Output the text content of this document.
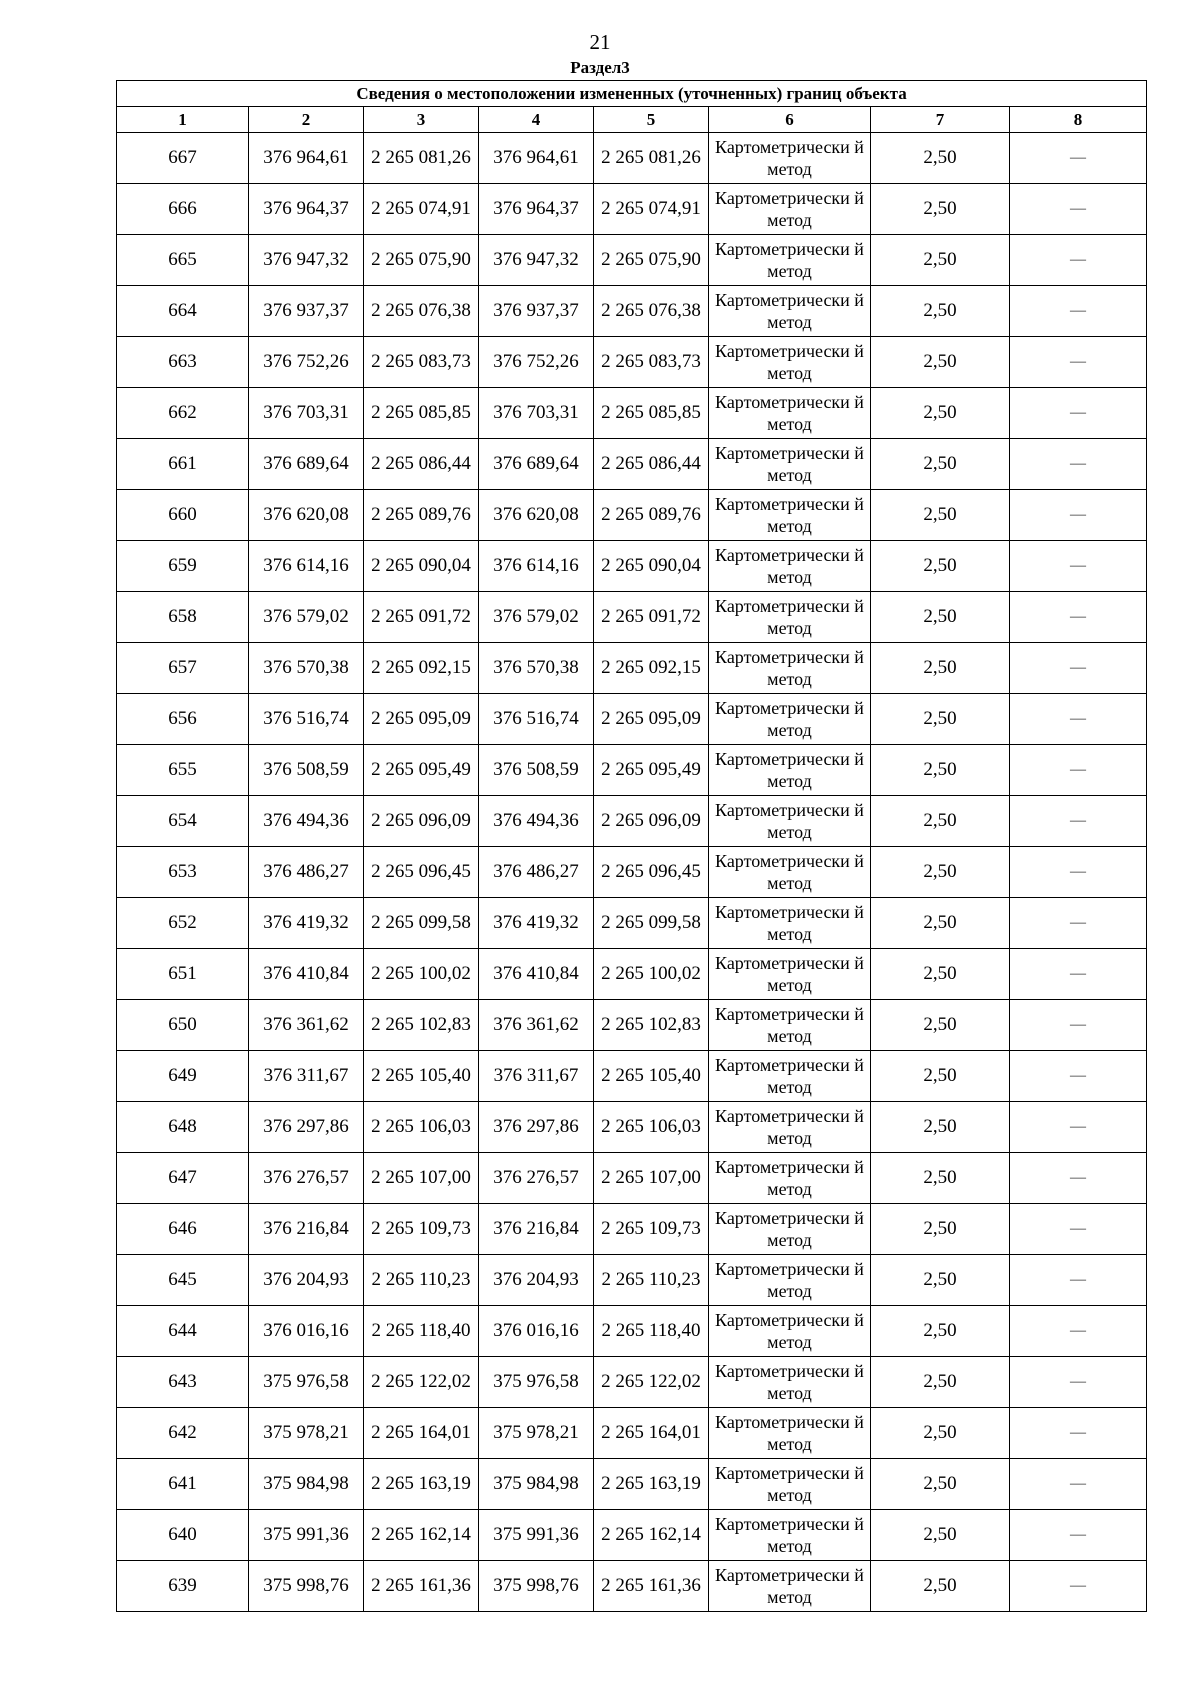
21
Раздел3
Сведения о местоположении измененных (уточненных) границ объекта							
1	2	3	4	5	6	7	8
667	376 964,61	2 265 081,26	376 964,61	2 265 081,26	Картометрически й метод	2,50	—
666	376 964,37	2 265 074,91	376 964,37	2 265 074,91	Картометрически й метод	2,50	—
665	376 947,32	2 265 075,90	376 947,32	2 265 075,90	Картометрически й метод	2,50	—
664	376 937,37	2 265 076,38	376 937,37	2 265 076,38	Картометрически й метод	2,50	—
663	376 752,26	2 265 083,73	376 752,26	2 265 083,73	Картометрически й метод	2,50	—
662	376 703,31	2 265 085,85	376 703,31	2 265 085,85	Картометрически й метод	2,50	—
661	376 689,64	2 265 086,44	376 689,64	2 265 086,44	Картометрически й метод	2,50	—
660	376 620,08	2 265 089,76	376 620,08	2 265 089,76	Картометрически й метод	2,50	—
659	376 614,16	2 265 090,04	376 614,16	2 265 090,04	Картометрически й метод	2,50	—
658	376 579,02	2 265 091,72	376 579,02	2 265 091,72	Картометрически й метод	2,50	—
657	376 570,38	2 265 092,15	376 570,38	2 265 092,15	Картометрически й метод	2,50	—
656	376 516,74	2 265 095,09	376 516,74	2 265 095,09	Картометрически й метод	2,50	—
655	376 508,59	2 265 095,49	376 508,59	2 265 095,49	Картометрически й метод	2,50	—
654	376 494,36	2 265 096,09	376 494,36	2 265 096,09	Картометрически й метод	2,50	—
653	376 486,27	2 265 096,45	376 486,27	2 265 096,45	Картометрически й метод	2,50	—
652	376 419,32	2 265 099,58	376 419,32	2 265 099,58	Картометрически й метод	2,50	—
651	376 410,84	2 265 100,02	376 410,84	2 265 100,02	Картометрически й метод	2,50	—
650	376 361,62	2 265 102,83	376 361,62	2 265 102,83	Картометрически й метод	2,50	—
649	376 311,67	2 265 105,40	376 311,67	2 265 105,40	Картометрически й метод	2,50	—
648	376 297,86	2 265 106,03	376 297,86	2 265 106,03	Картометрически й метод	2,50	—
647	376 276,57	2 265 107,00	376 276,57	2 265 107,00	Картометрически й метод	2,50	—
646	376 216,84	2 265 109,73	376 216,84	2 265 109,73	Картометрически й метод	2,50	—
645	376 204,93	2 265 110,23	376 204,93	2 265 110,23	Картометрически й метод	2,50	—
644	376 016,16	2 265 118,40	376 016,16	2 265 118,40	Картометрически й метод	2,50	—
643	375 976,58	2 265 122,02	375 976,58	2 265 122,02	Картометрически й метод	2,50	—
642	375 978,21	2 265 164,01	375 978,21	2 265 164,01	Картометрически й метод	2,50	—
641	375 984,98	2 265 163,19	375 984,98	2 265 163,19	Картометрически й метод	2,50	—
640	375 991,36	2 265 162,14	375 991,36	2 265 162,14	Картометрически й метод	2,50	—
639	375 998,76	2 265 161,36	375 998,76	2 265 161,36	Картометрически й метод	2,50	—
